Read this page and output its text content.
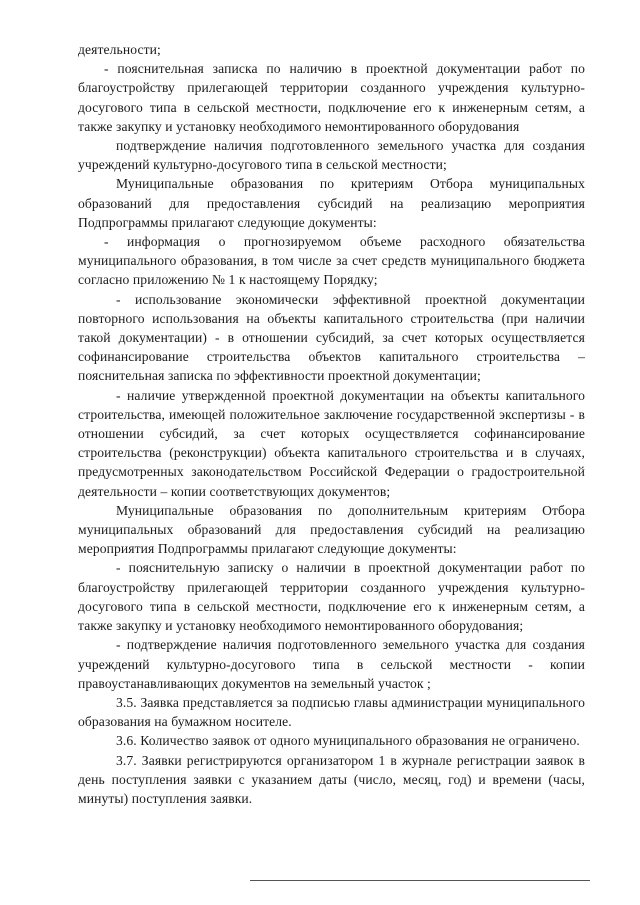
деятельности;

- пояснительная записка по наличию в проектной документации работ по благоустройству прилегающей территории созданного учреждения культурно-досугового типа в сельской местности, подключение его к инженерным сетям, а также закупку и установку необходимого немонтированного оборудования

подтверждение наличия подготовленного земельного участка для создания учреждений культурно-досугового типа в сельской местности;

Муниципальные образования по критериям Отбора муниципальных образований для предоставления субсидий на реализацию мероприятия Подпрограммы прилагают следующие документы:

- информация о прогнозируемом объеме расходного обязательства муниципального образования, в том числе за счет средств муниципального бюджета согласно приложению № 1 к настоящему Порядку;

- использование экономически эффективной проектной документации повторного использования на объекты капитального строительства (при наличии такой документации) - в отношении субсидий, за счет которых осуществляется софинансирование строительства объектов капитального строительства – пояснительная записка по эффективности проектной документации;

- наличие утвержденной проектной документации на объекты капитального строительства, имеющей положительное заключение государственной экспертизы - в отношении субсидий, за счет которых осуществляется софинансирование строительства (реконструкции) объекта капитального строительства и в случаях, предусмотренных законодательством Российской Федерации о градостроительной деятельности – копии соответствующих документов;

Муниципальные образования по дополнительным критериям Отбора муниципальных образований для предоставления субсидий на реализацию мероприятия Подпрограммы прилагают следующие документы:

- пояснительную записку о наличии в проектной документации работ по благоустройству прилегающей территории созданного учреждения культурно-досугового типа в сельской местности, подключение его к инженерным сетям, а также закупку и установку необходимого немонтированного оборудования;

- подтверждение наличия подготовленного земельного участка для создания учреждений культурно-досугового типа в сельской местности - копии правоустанавливающих документов на земельный участок ;

3.5. Заявка представляется за подписью главы администрации муниципального образования на бумажном носителе.

3.6. Количество заявок от одного муниципального образования не ограничено.

3.7. Заявки регистрируются организатором 1 в журнале регистрации заявок в день поступления заявки с указанием даты (число, месяц, год) и времени (часы, минуты) поступления заявки.
